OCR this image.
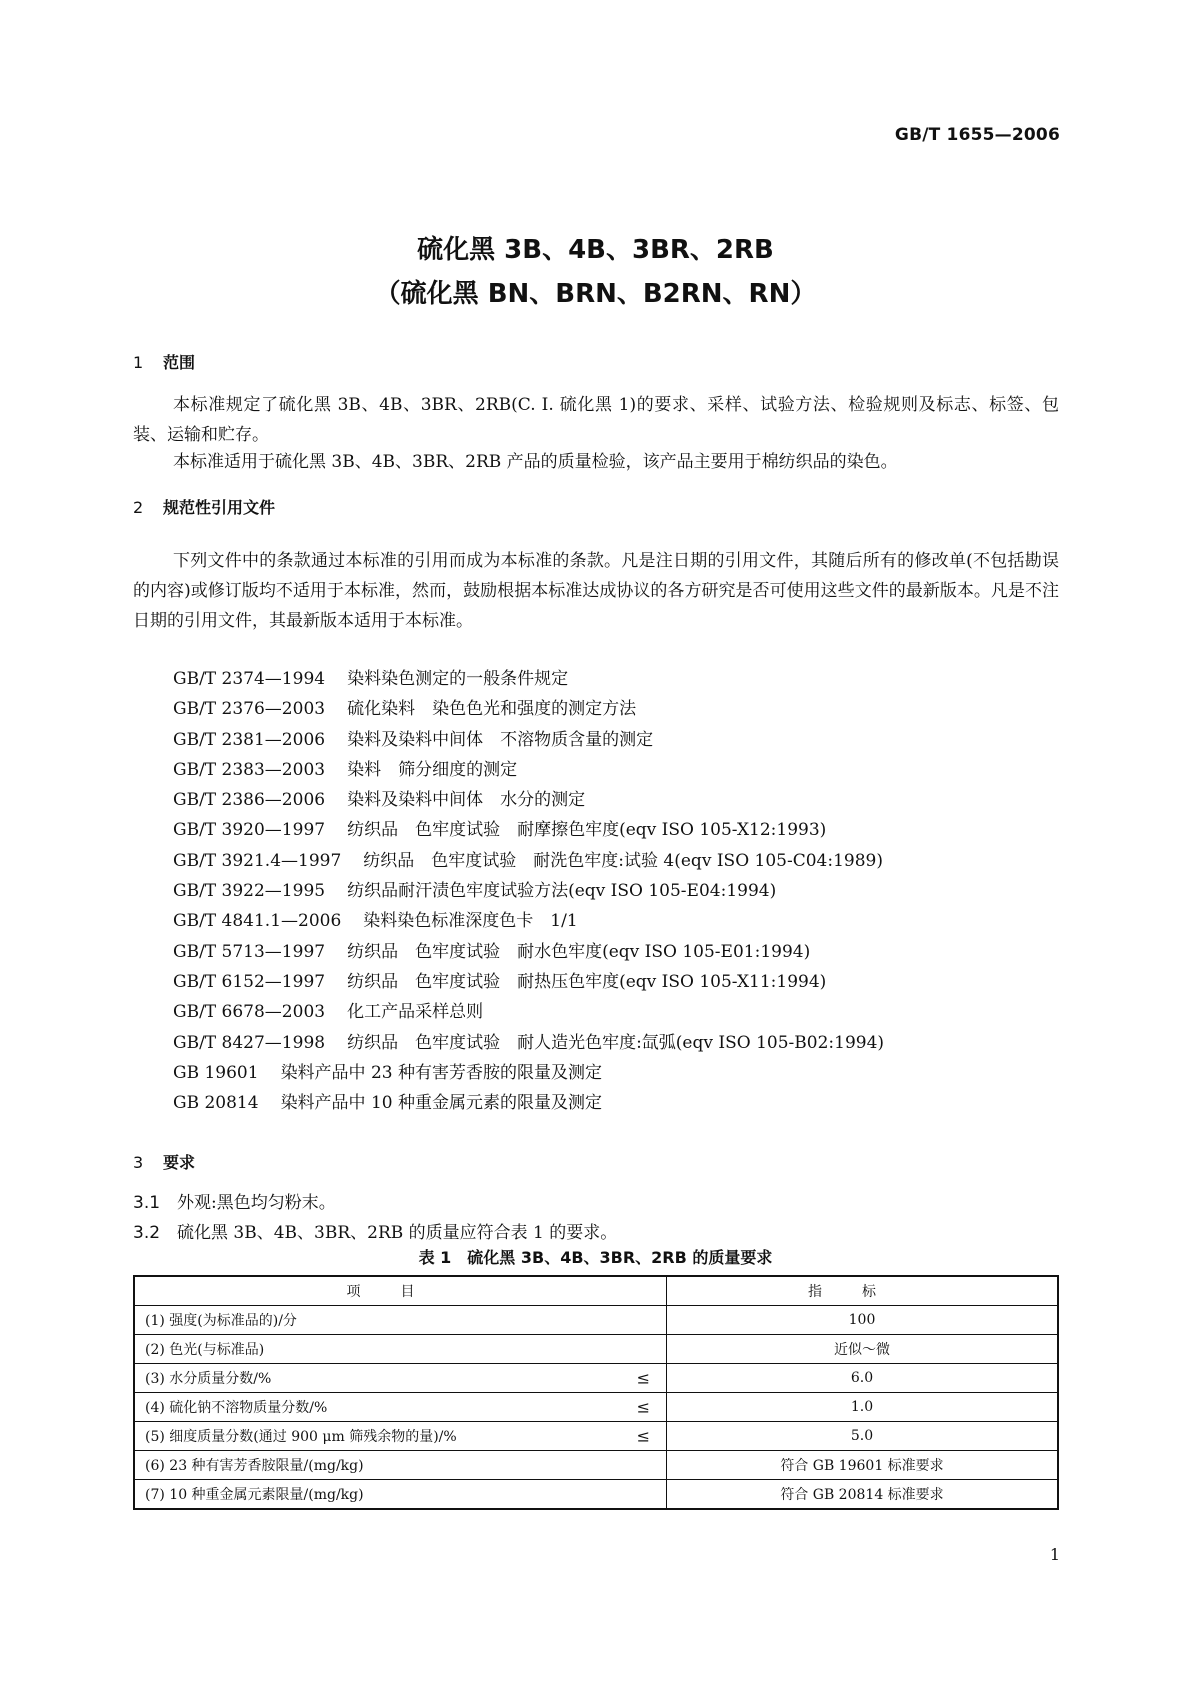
GB/T 1655—2006
硫化黑 3B、4B、3BR、2RB
（硫化黑 BN、BRN、B2RN、RN）
1 范围
本标准规定了硫化黑 3B、4B、3BR、2RB(C. I. 硫化黑 1)的要求、采样、试验方法、检验规则及标志、标签、包装、运输和贮存。
本标准适用于硫化黑 3B、4B、3BR、2RB 产品的质量检验，该产品主要用于棉纺织品的染色。
2 规范性引用文件
下列文件中的条款通过本标准的引用而成为本标准的条款。凡是注日期的引用文件，其随后所有的修改单(不包括勘误的内容)或修订版均不适用于本标准，然而，鼓励根据本标准达成协议的各方研究是否可使用这些文件的最新版本。凡是不注日期的引用文件，其最新版本适用于本标准。
GB/T 2374—1994 染料染色测定的一般条件规定
GB/T 2376—2003 硫化染料　染色色光和强度的测定方法
GB/T 2381—2006 染料及染料中间体　不溶物质含量的测定
GB/T 2383—2003 染料　筛分细度的测定
GB/T 2386—2006 染料及染料中间体　水分的测定
GB/T 3920—1997 纺织品　色牢度试验　耐摩擦色牢度(eqv ISO 105-X12:1993)
GB/T 3921.4—1997 纺织品　色牢度试验　耐洗色牢度:试验 4(eqv ISO 105-C04:1989)
GB/T 3922—1995 纺织品耐汗渍色牢度试验方法(eqv ISO 105-E04:1994)
GB/T 4841.1—2006 染料染色标准深度色卡　1/1
GB/T 5713—1997 纺织品　色牢度试验　耐水色牢度(eqv ISO 105-E01:1994)
GB/T 6152—1997 纺织品　色牢度试验　耐热压色牢度(eqv ISO 105-X11:1994)
GB/T 6678—2003 化工产品采样总则
GB/T 8427—1998 纺织品　色牢度试验　耐人造光色牢度:氙弧(eqv ISO 105-B02:1994)
GB 19601 染料产品中 23 种有害芳香胺的限量及测定
GB 20814 染料产品中 10 种重金属元素的限量及测定
3 要求
3.1 外观:黑色均匀粉末。
3.2 硫化黑 3B、4B、3BR、2RB 的质量应符合表 1 的要求。
表 1　硫化黑 3B、4B、3BR、2RB 的质量要求
项目	指标
(1) 强度(为标准品的)/分	100
(2) 色光(与标准品)	近似～微
(3) 水分质量分数/% ≤	6.0
(4) 硫化钠不溶物质量分数/% ≤	1.0
(5) 细度质量分数(通过 900 μm 筛残余物的量)/% ≤	5.0
(6) 23 种有害芳香胺限量/(mg/kg)	符合 GB 19601 标准要求
(7) 10 种重金属元素限量/(mg/kg)	符合 GB 20814 标准要求
1
